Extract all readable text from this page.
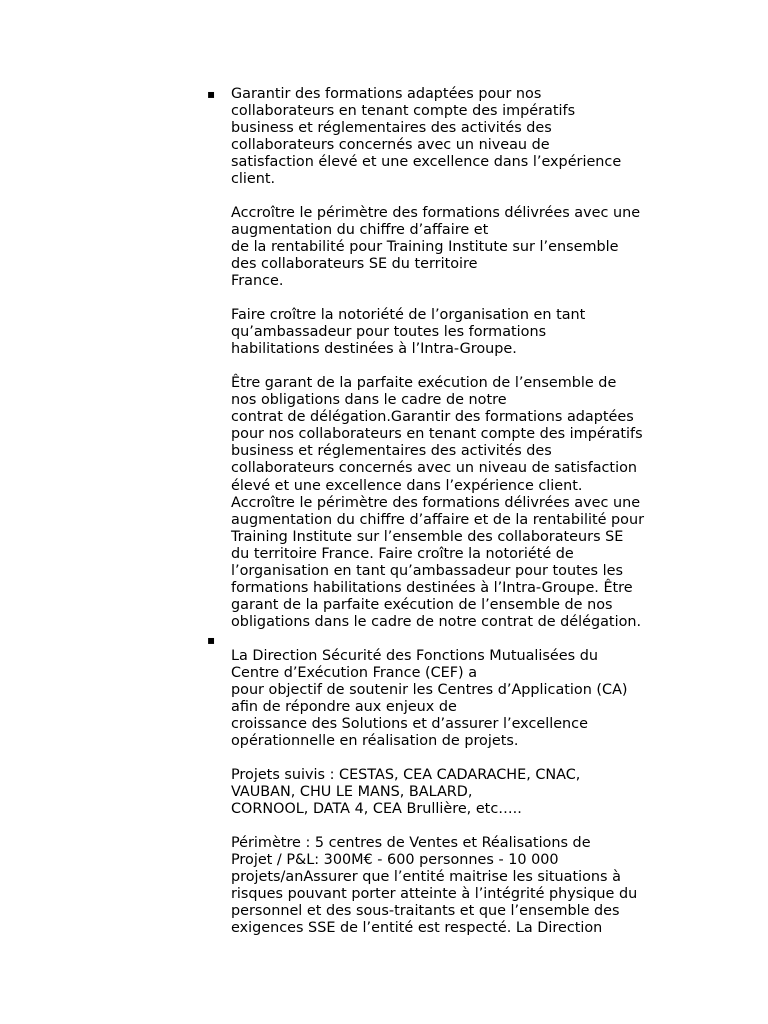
▪ Garantir des formations adaptées pour nos
collaborateurs en tenant compte des impératifs
business et réglementaires des activités des
collaborateurs concernés avec un niveau de
satisfaction élevé et une excellence dans l’expérience
client.
Accroître le périmètre des formations délivrées avec une
augmentation du chiffre d’affaire et
de la rentabilité pour Training Institute sur l’ensemble
des collaborateurs SE du territoire
France.
Faire croître la notoriété de l’organisation en tant
qu’ambassadeur pour toutes les formations
habilitations destinées à l’Intra-Groupe.
Être garant de la parfaite exécution de l’ensemble de
nos obligations dans le cadre de notre
contrat de délégation.Garantir des formations adaptées
pour nos collaborateurs en tenant compte des impératifs
business et réglementaires des activités des
collaborateurs concernés avec un niveau de satisfaction
élevé et une excellence dans l’expérience client.
Accroître le périmètre des formations délivrées avec une
augmentation du chiffre d’affaire et de la rentabilité pour
Training Institute sur l’ensemble des collaborateurs SE
du territoire France. Faire croître la notoriété de
l’organisation en tant qu’ambassadeur pour toutes les
formations habilitations destinées à l’Intra-Groupe. Être
garant de la parfaite exécution de l’ensemble de nos
obligations dans le cadre de notre contrat de délégation.
▪
La Direction Sécurité des Fonctions Mutualisées du
Centre d’Exécution France (CEF) a
pour objectif de soutenir les Centres d’Application (CA)
afin de répondre aux enjeux de
croissance des Solutions et d’assurer l’excellence
opérationnelle en réalisation de projets.
Projets suivis : CESTAS, CEA CADARACHE, CNAC,
VAUBAN, CHU LE MANS, BALARD,
CORNOOL, DATA 4, CEA Brullière, etc…..
Périmètre : 5 centres de Ventes et Réalisations de
Projet / P&L: 300M€ - 600 personnes - 10 000
projets/anAssurer que l’entité maitrise les situations à
risques pouvant porter atteinte à l’intégrité physique du
personnel et des sous-traitants et que l’ensemble des
exigences SSE de l’entité est respecté. La Direction
